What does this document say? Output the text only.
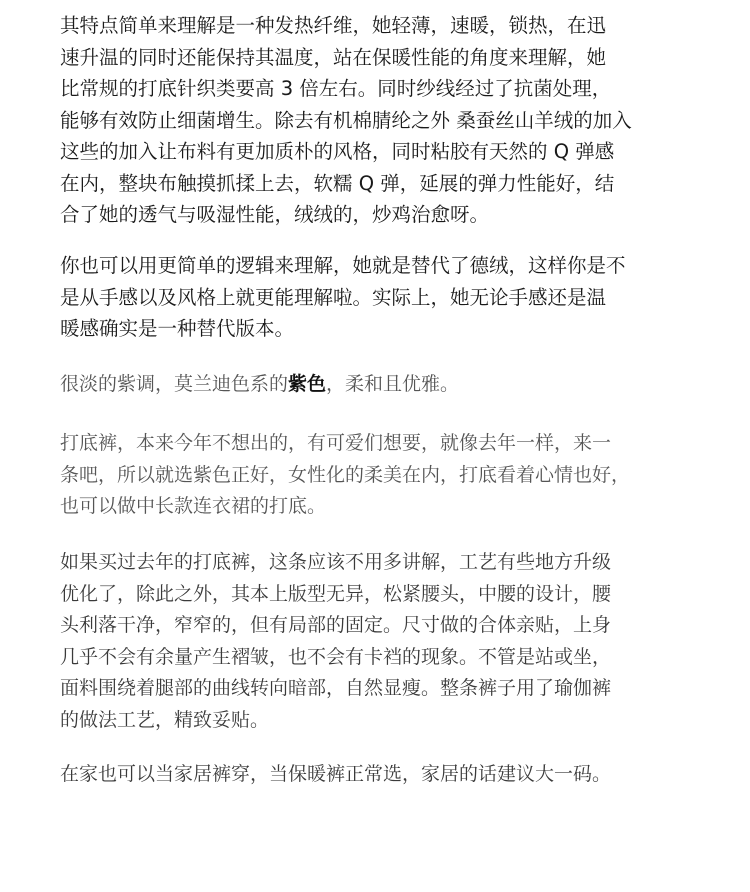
其特点简单来理解是一种发热纤维，她轻薄，速暖，锁热，在迅
速升温的同时还能保持其温度，站在保暖性能的角度来理解，她
比常规的打底针织类要高 3 倍左右。同时纱线经过了抗菌处理，
能够有效防止细菌增生。除去有机棉腈纶之外 桑蚕丝山羊绒的加入
这些的加入让布料有更加质朴的风格，同时粘胶有天然的 Q 弹感
在内，整块布触摸抓揉上去，软糯 Q 弹，延展的弹力性能好，结
合了她的透气与吸湿性能，绒绒的，炒鸡治愈呀。

你也可以用更简单的逻辑来理解，她就是替代了德绒，这样你是不
是从手感以及风格上就更能理解啦。实际上，她无论手感还是温
暖感确实是一种替代版本。

很淡的紫调，莫兰迪色系的紫色，柔和且优雅。

打底裤，本来今年不想出的，有可爱们想要，就像去年一样，来一
条吧，所以就选紫色正好，女性化的柔美在内，打底看着心情也好，
也可以做中长款连衣裙的打底。

如果买过去年的打底裤，这条应该不用多讲解，工艺有些地方升级
优化了，除此之外，其本上版型无异，松紧腰头，中腰的设计，腰
头利落干净，窄窄的，但有局部的固定。尺寸做的合体亲贴，上身
几乎不会有余量产生褶皱，也不会有卡裆的现象。不管是站或坐，
面料围绕着腿部的曲线转向暗部，自然显瘦。整条裤子用了瑜伽裤
的做法工艺，精致妥贴。

在家也可以当家居裤穿，当保暖裤正常选，家居的话建议大一码。
